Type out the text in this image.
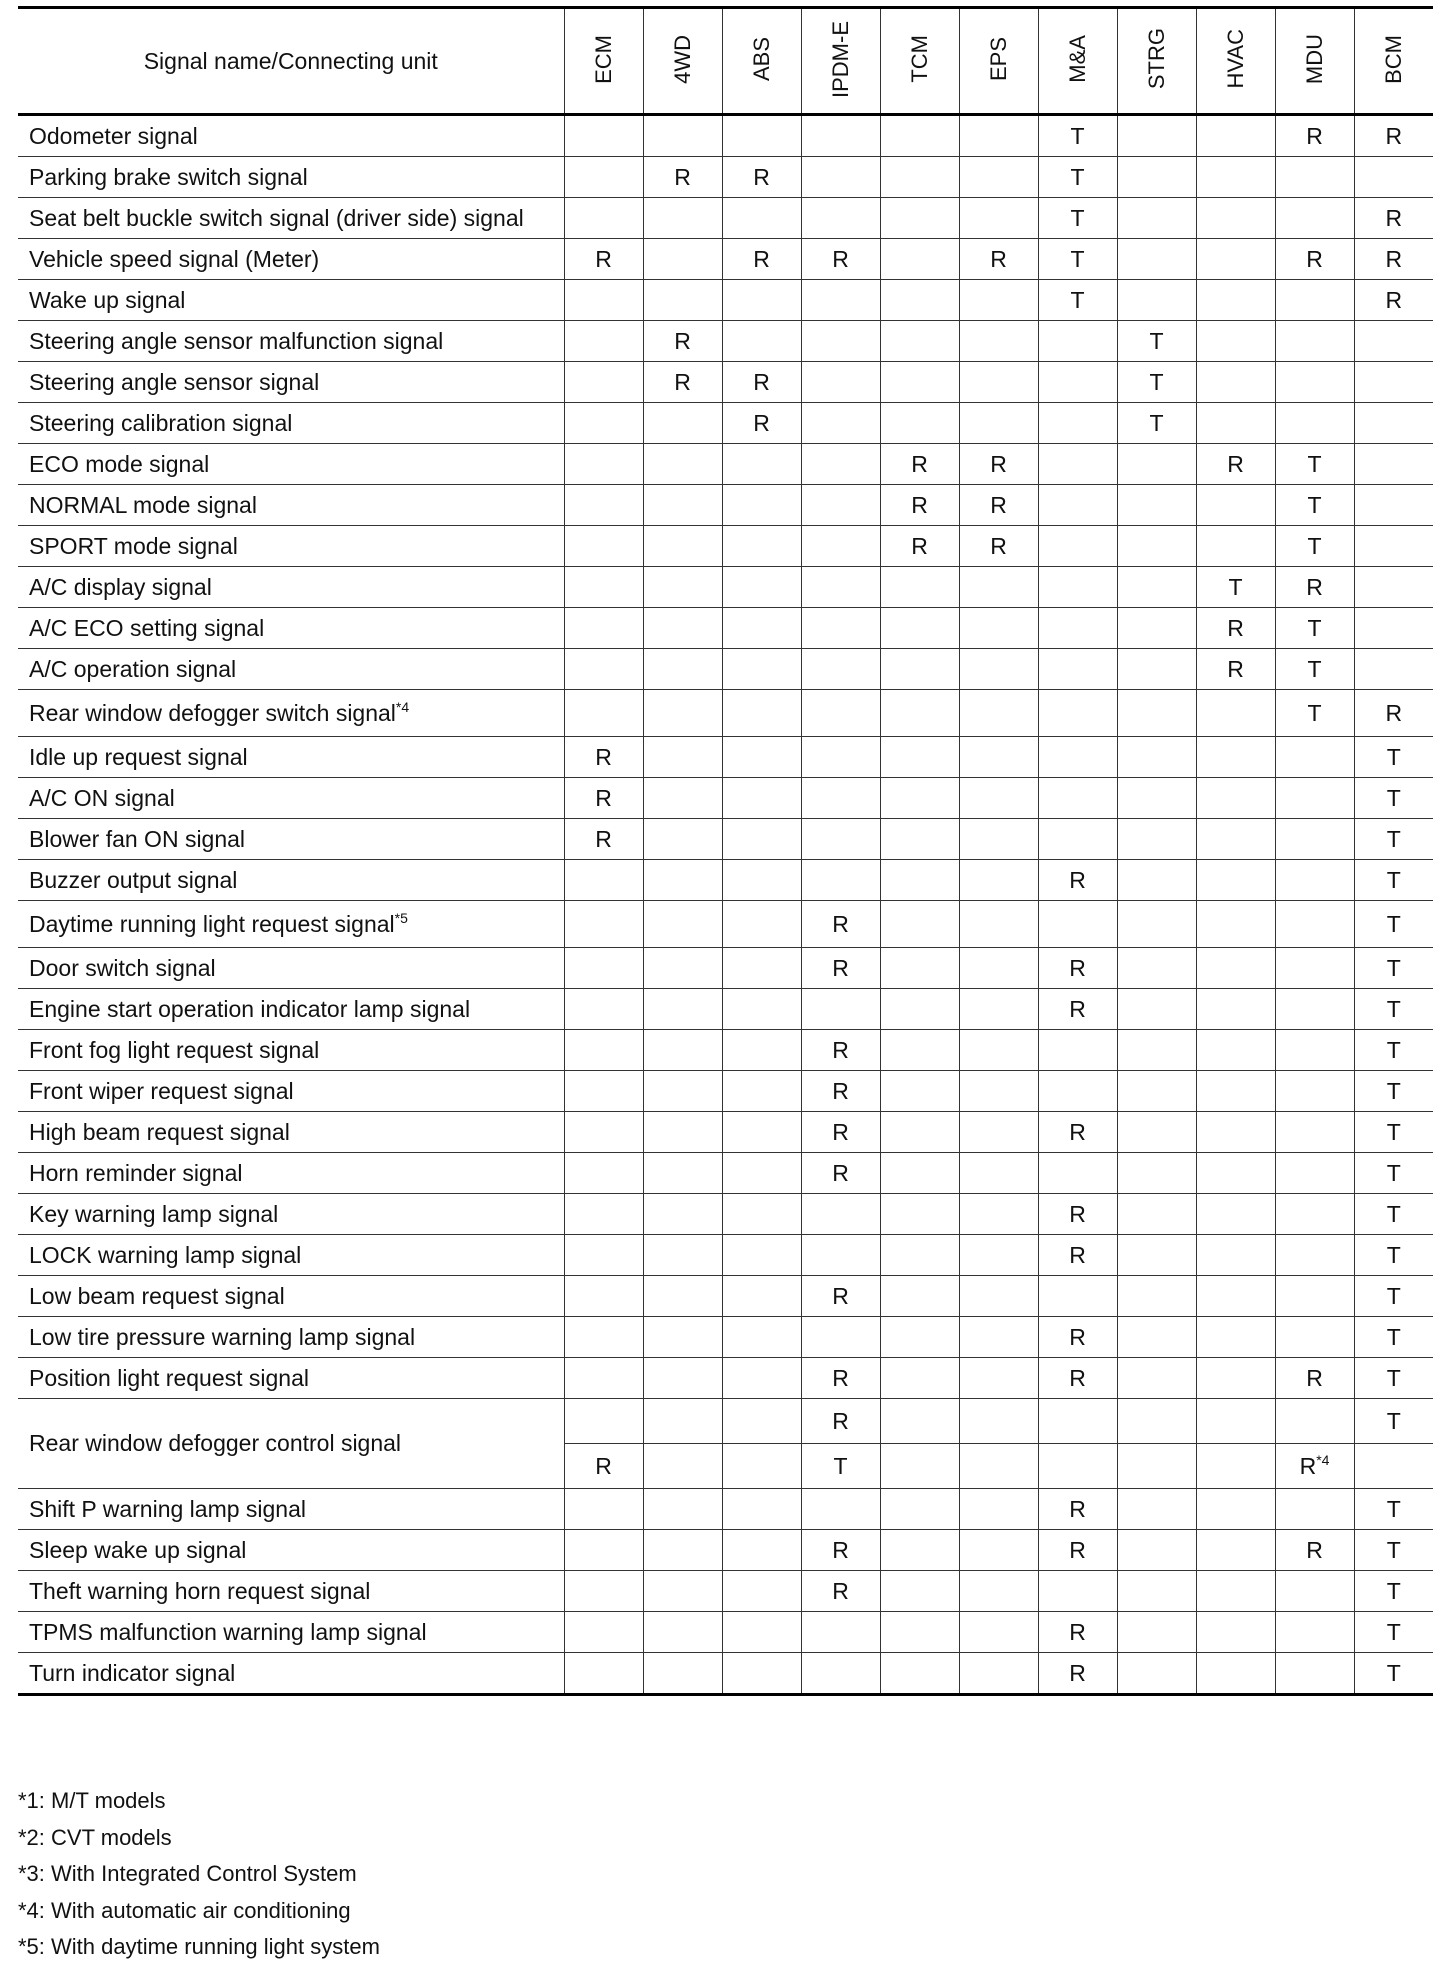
Signal name/Connecting unit	ECM	4WD	ABS	IPDM-E	TCM	EPS	M&A	STRG	HVAC	MDU	BCM
Odometer signal							T			R	R
Parking brake switch signal		R	R				T				
Seat belt buckle switch signal (driver side) signal							T				R
Vehicle speed signal (Meter)	R		R	R		R	T			R	R
Wake up signal							T				R
Steering angle sensor malfunction signal		R						T			
Steering angle sensor signal		R	R					T			
Steering calibration signal			R					T			
ECO mode signal					R	R			R	T	
NORMAL mode signal					R	R				T	
SPORT mode signal					R	R				T	
A/C display signal									T	R	
A/C ECO setting signal									R	T	
A/C operation signal									R	T	
Rear window defogger switch signal$^{*4}$										T	R
Idle up request signal	R										T
A/C ON signal	R										T
Blower fan ON signal	R										T
Buzzer output signal							R				T
Daytime running light request signal$^{*5}$				R							T
Door switch signal				R			R				T
Engine start operation indicator lamp signal							R				T
Front fog light request signal				R							T
Front wiper request signal				R							T
High beam request signal				R			R				T
Horn reminder signal				R							T
Key warning lamp signal							R				T
LOCK warning lamp signal							R				T
Low beam request signal				R							T
Low tire pressure warning lamp signal							R				T
Position light request signal				R			R			R	T
Rear window defogger control signal				R							T
	R			T						$R^{*4}$	
Shift P warning lamp signal							R				T
Sleep wake up signal				R			R			R	T
Theft warning horn request signal				R							T
TPMS malfunction warning lamp signal							R				T
Turn indicator signal							R				T
*1: M/T models
*2: CVT models
*3: With Integrated Control System
*4: With automatic air conditioning
*5: With daytime running light system
